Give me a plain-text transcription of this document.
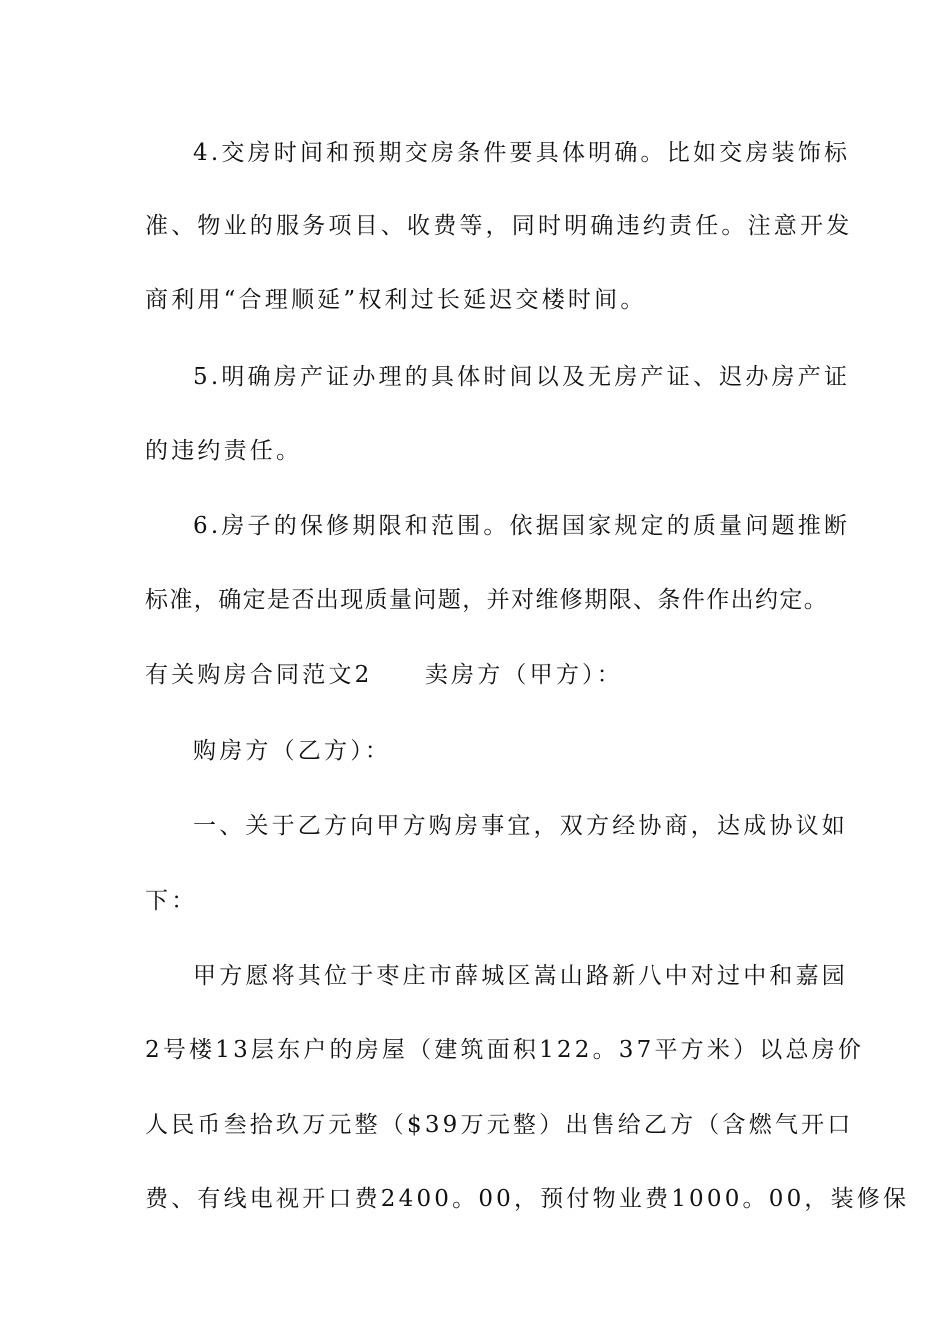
4.交房时间和预期交房条件要具体明确。比如交房装饰标
准、物业的服务项目、收费等，同时明确违约责任。注意开发
商利用“合理顺延”权利过长延迟交楼时间。
5.明确房产证办理的具体时间以及无房产证、迟办房产证
的违约责任。
6.房子的保修期限和范围。依据国家规定的质量问题推断
标准，确定是否出现质量问题，并对维修期限、条件作出约定。
有关购房合同范文2　　卖房方（甲方）：
购房方（乙方）：
一、关于乙方向甲方购房事宜，双方经协商，达成协议如
下：
甲方愿将其位于枣庄市薛城区嵩山路新八中对过中和嘉园
2号楼13层东户的房屋（建筑面积122。37平方米）以总房价
人民币叁拾玖万元整（$39万元整）出售给乙方（含燃气开口
费、有线电视开口费2400。00，预付物业费1000。00，装修保
